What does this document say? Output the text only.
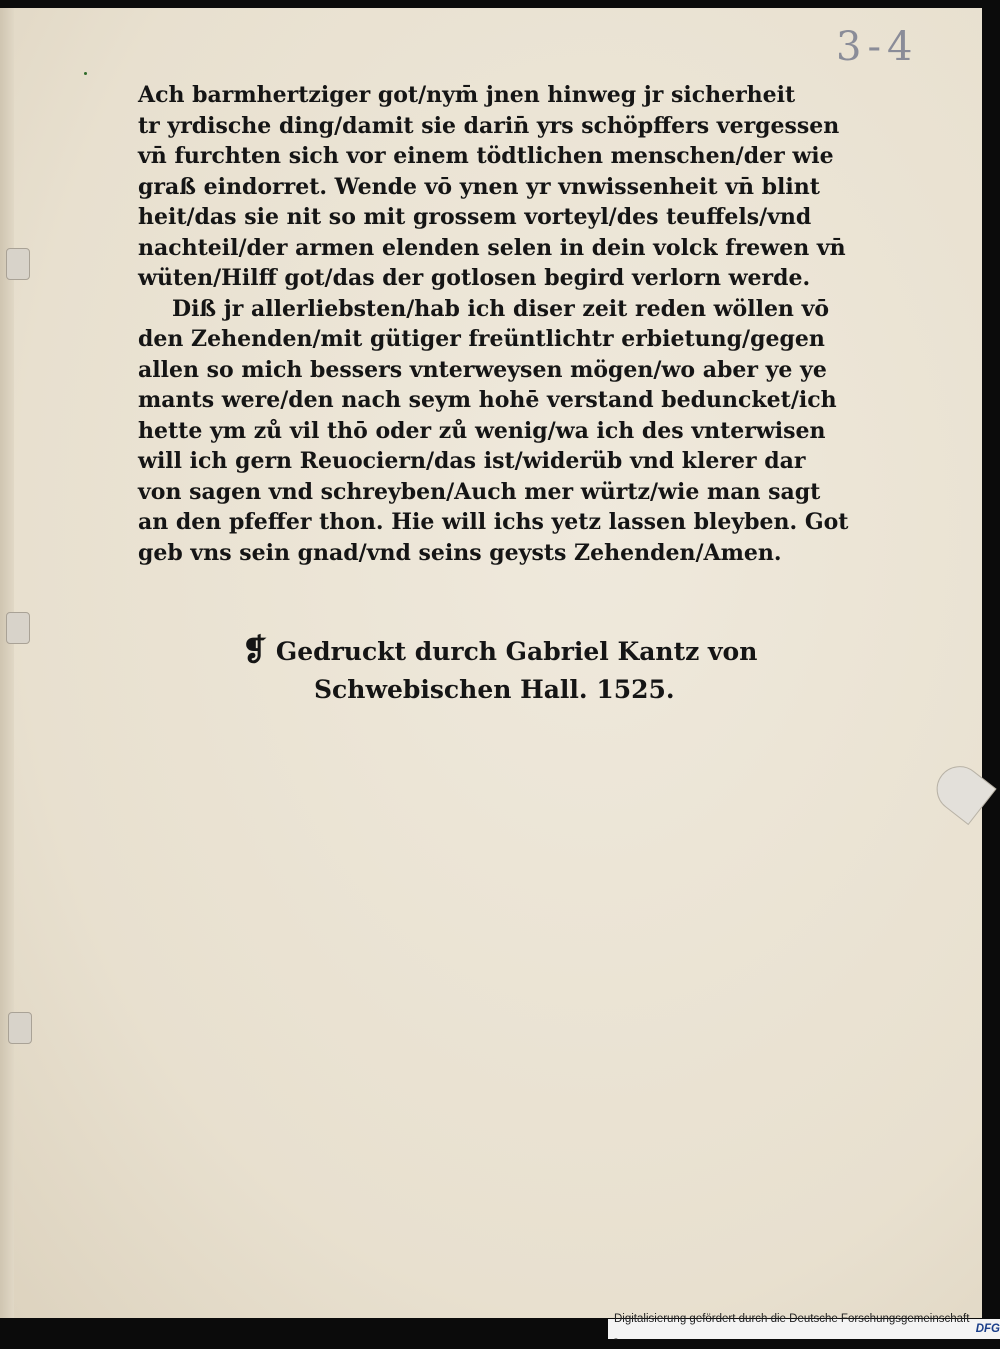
3-4

Ach barmhertziger got/nym̄ jnen hinweg jr sicherheit

tr yrdische ding/damit sie darin̄ yrs schöpffers vergessen

vn̄ furchten sich vor einem tödtlichen menschen/der wie

graß eindorret. Wende vō ynen yr vnwissenheit vn̄ blint

heit/das sie nit so mit grossem vorteyl/des teuffels/vnd

nachteil/der armen elenden selen in dein volck frewen vn̄

wüten/Hilff got/das der gotlosen begird verlorn werde.

Diß jr allerliebsten/hab ich diser zeit reden wöllen vō

den Zehenden/mit gütiger freüntlichtr erbietung/gegen

allen so mich bessers vnterweysen mögen/wo aber ye ye

mants were/den nach seym hohē verstand beduncket/ich

hette ym zů vil thō oder zů wenig/wa ich des vnterwisen

will ich gern Reuociern/das ist/widerüb vnd klerer dar

von sagen vnd schreyben/Auch mer würtz/wie man sagt

an den pfeffer thon. Hie will ichs yetz lassen bleyben. Got

geb vns sein gnad/vnd seins geysts Zehenden/Amen.

❡ Gedruckt durch Gabriel Kantz von

Schwebischen Hall. 1525.

Digitalisierung gefördert durch die Deutsche Forschungsgemeinschaft -
DFG
